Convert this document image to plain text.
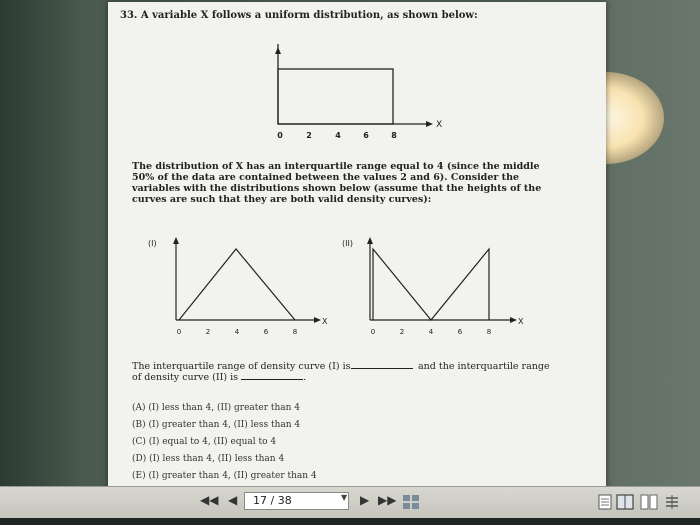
33. A variable X follows a uniform distribution, as shown below:
0	2	4	6	8
X
The distribution of X has an interquartile range equal to 4 (since the middle 50% of the data are contained between the values 2 and 6). Consider the variables with the distributions shown below (assume that the heights of the curves are such that they are both valid density curves):
(I)
0	2	4	6	8
X
(II)
0	2	4	6	8
X
The interquartile range of density curve (I) is	and the interquartile range
of density curve (II) is	.
(A) (I) less than 4, (II) greater than 4
(B) (I) greater than 4, (II) less than 4
(C) (I) equal to 4, (II) equal to 4
(D) (I) less than 4, (II) less than 4
(E) (I) greater than 4, (II) greater than 4
◀◀ ◀	17 / 38	▼ ▶ ▶▶
